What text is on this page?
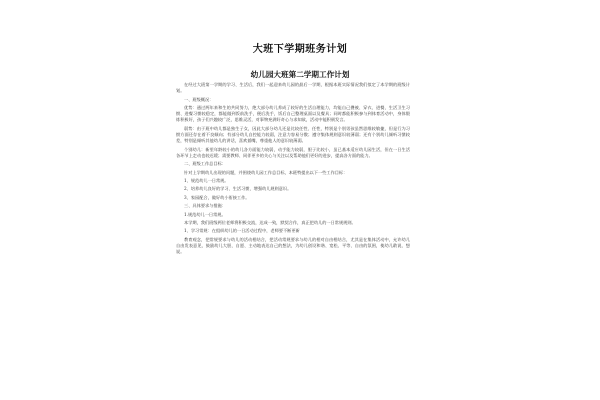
大班下学期班务计划
幼儿园大班第二学期工作计划

在经过大班第一学期的学习、生活后，我们一起迎来幼儿园的最后一学期，根据本班实际情况我们拟定了本学期的班级计划。

一、班级概况：

优势：通过两年来和生的共同努力，绝大部分幼儿养成了较好的生活自理能力，均能自己叠被、穿衣、进餐，生活卫生习惯、进餐习惯较稳定，都能做到饭前洗手，便后洗手，饭后自己整理桌面以及餐具；同时都能积极参与到体育活动中，身体锻炼积极好，孩子们兴趣较广泛，思维灵活，对事物充满好奇心与求知欲，活动中能积极发言。

弱势：由于班中幼儿都是独生子女，因此大部分幼儿还是比较任性、任性，特别是个别男孩虽然思维较敏捷，但是行为习惯方面还存在着不良倾向；有部分幼儿自控能力较弱，注意力容易分散；遵守集体规则意识较薄弱；还有个别幼儿倾听习惯较差，特别是倾听其他幼儿的讲话，喜欢插嘴，尊重他人的意识较薄弱。

个别幼儿：新里年龄较小的幼儿各方面能力较弱，动手能力较弱，胆子比较小，虽已基本适应幼儿园生活，但在一日生活各环节上走动也较迟缓；需要教师、同伴更多的关心与关注以及帮助他们更好的进步，提高各方面的能力。

二、班级工作总目标：

针对上学期幼儿出现的问题，并围绕幼儿园工作总目标，本班特提出以下一些工作目标：

1、规范幼儿一日常规。

2、培养幼儿良好的学习、生活习惯，增强幼儿规则意识。

3、家园配合，做好幼小衔接工作。

三、具体要求与措施：

1.规范幼儿一日常规。

本学期，我们班级两位老师将积极交流，达成一致，默契合作，真正把幼儿的一日常规规则。

1、学习常规：在组织幼儿的一日活动过程中，老师要不断更新

教育观念，把常规要求与幼儿的活动相结合，把活动常规要求与幼儿的相对自由相结合，尤其是在集体活动中，允许幼儿自由发表意见，鼓励幼儿大胆、自愿、主动地表达自己的想法，为幼儿创设和谐、宽松、平等、自由的氛围，使幼儿敢说、想说。
